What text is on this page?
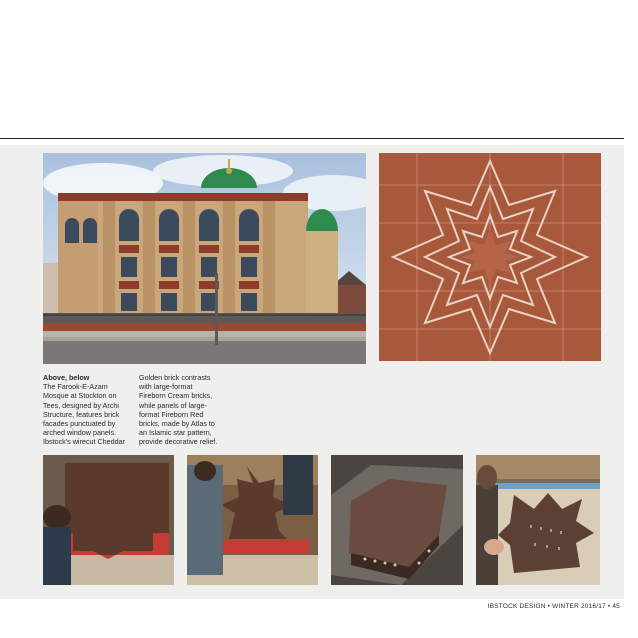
Above, below
The Farook-E-Azam
Mosque at Stockton on
Tees, designed by Archi
Structure, features brick
facades punctuated by
arched window panels.
Ibstock's wirecut Cheddar
Golden brick contrasts
with large-format
Fireborn Cream bricks,
while panels of large-
format Fireborn Red
bricks, made by Atlas to
an Islamic star pattern,
provide decorative relief.
IBSTOCK DESIGN • WINTER 2016/17 • 45
